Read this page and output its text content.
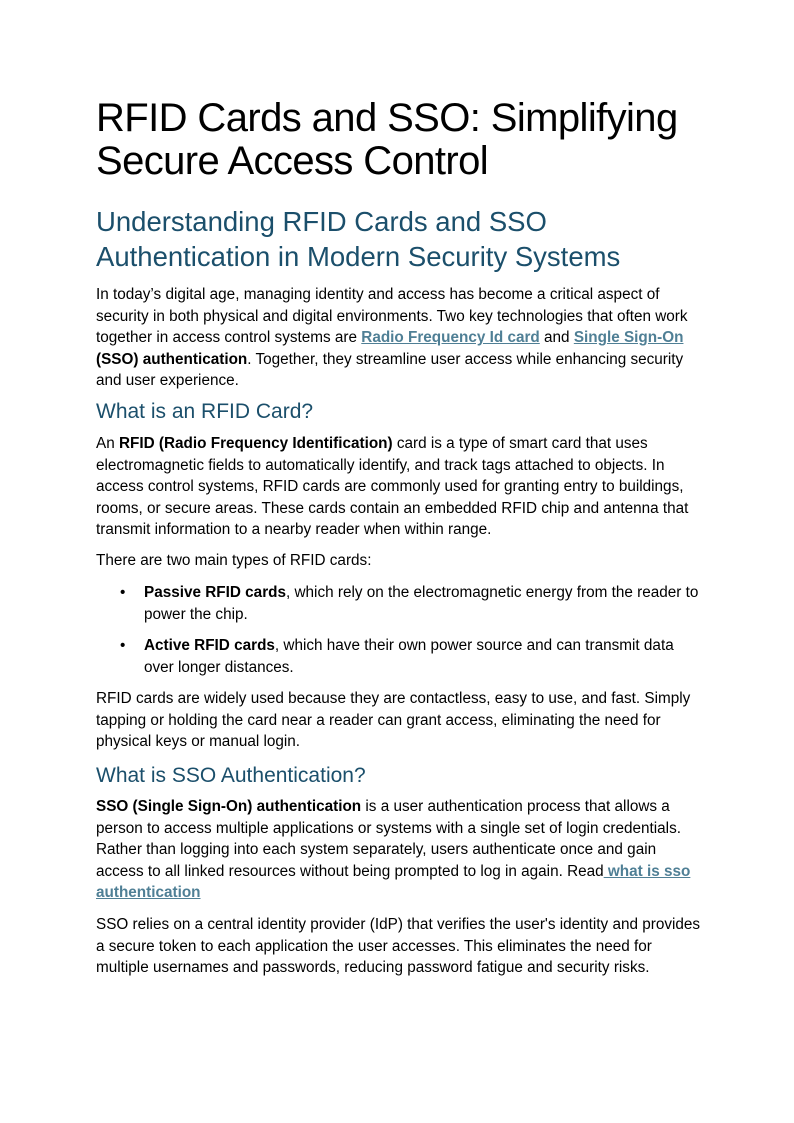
RFID Cards and SSO: Simplifying Secure Access Control
Understanding RFID Cards and SSO Authentication in Modern Security Systems

In today’s digital age, managing identity and access has become a critical aspect of security in both physical and digital environments. Two key technologies that often work together in access control systems are Radio Frequency Id card and Single Sign-On (SSO) authentication. Together, they streamline user access while enhancing security and user experience.

What is an RFID Card?

An RFID (Radio Frequency Identification) card is a type of smart card that uses electromagnetic fields to automatically identify, and track tags attached to objects. In access control systems, RFID cards are commonly used for granting entry to buildings, rooms, or secure areas. These cards contain an embedded RFID chip and antenna that transmit information to a nearby reader when within range.

There are two main types of RFID cards:

• Passive RFID cards, which rely on the electromagnetic energy from the reader to power the chip.
• Active RFID cards, which have their own power source and can transmit data over longer distances.

RFID cards are widely used because they are contactless, easy to use, and fast. Simply tapping or holding the card near a reader can grant access, eliminating the need for physical keys or manual login.

What is SSO Authentication?

SSO (Single Sign-On) authentication is a user authentication process that allows a person to access multiple applications or systems with a single set of login credentials. Rather than logging into each system separately, users authenticate once and gain access to all linked resources without being prompted to log in again. Read what is sso authentication

SSO relies on a central identity provider (IdP) that verifies the user's identity and provides a secure token to each application the user accesses. This eliminates the need for multiple usernames and passwords, reducing password fatigue and security risks.
